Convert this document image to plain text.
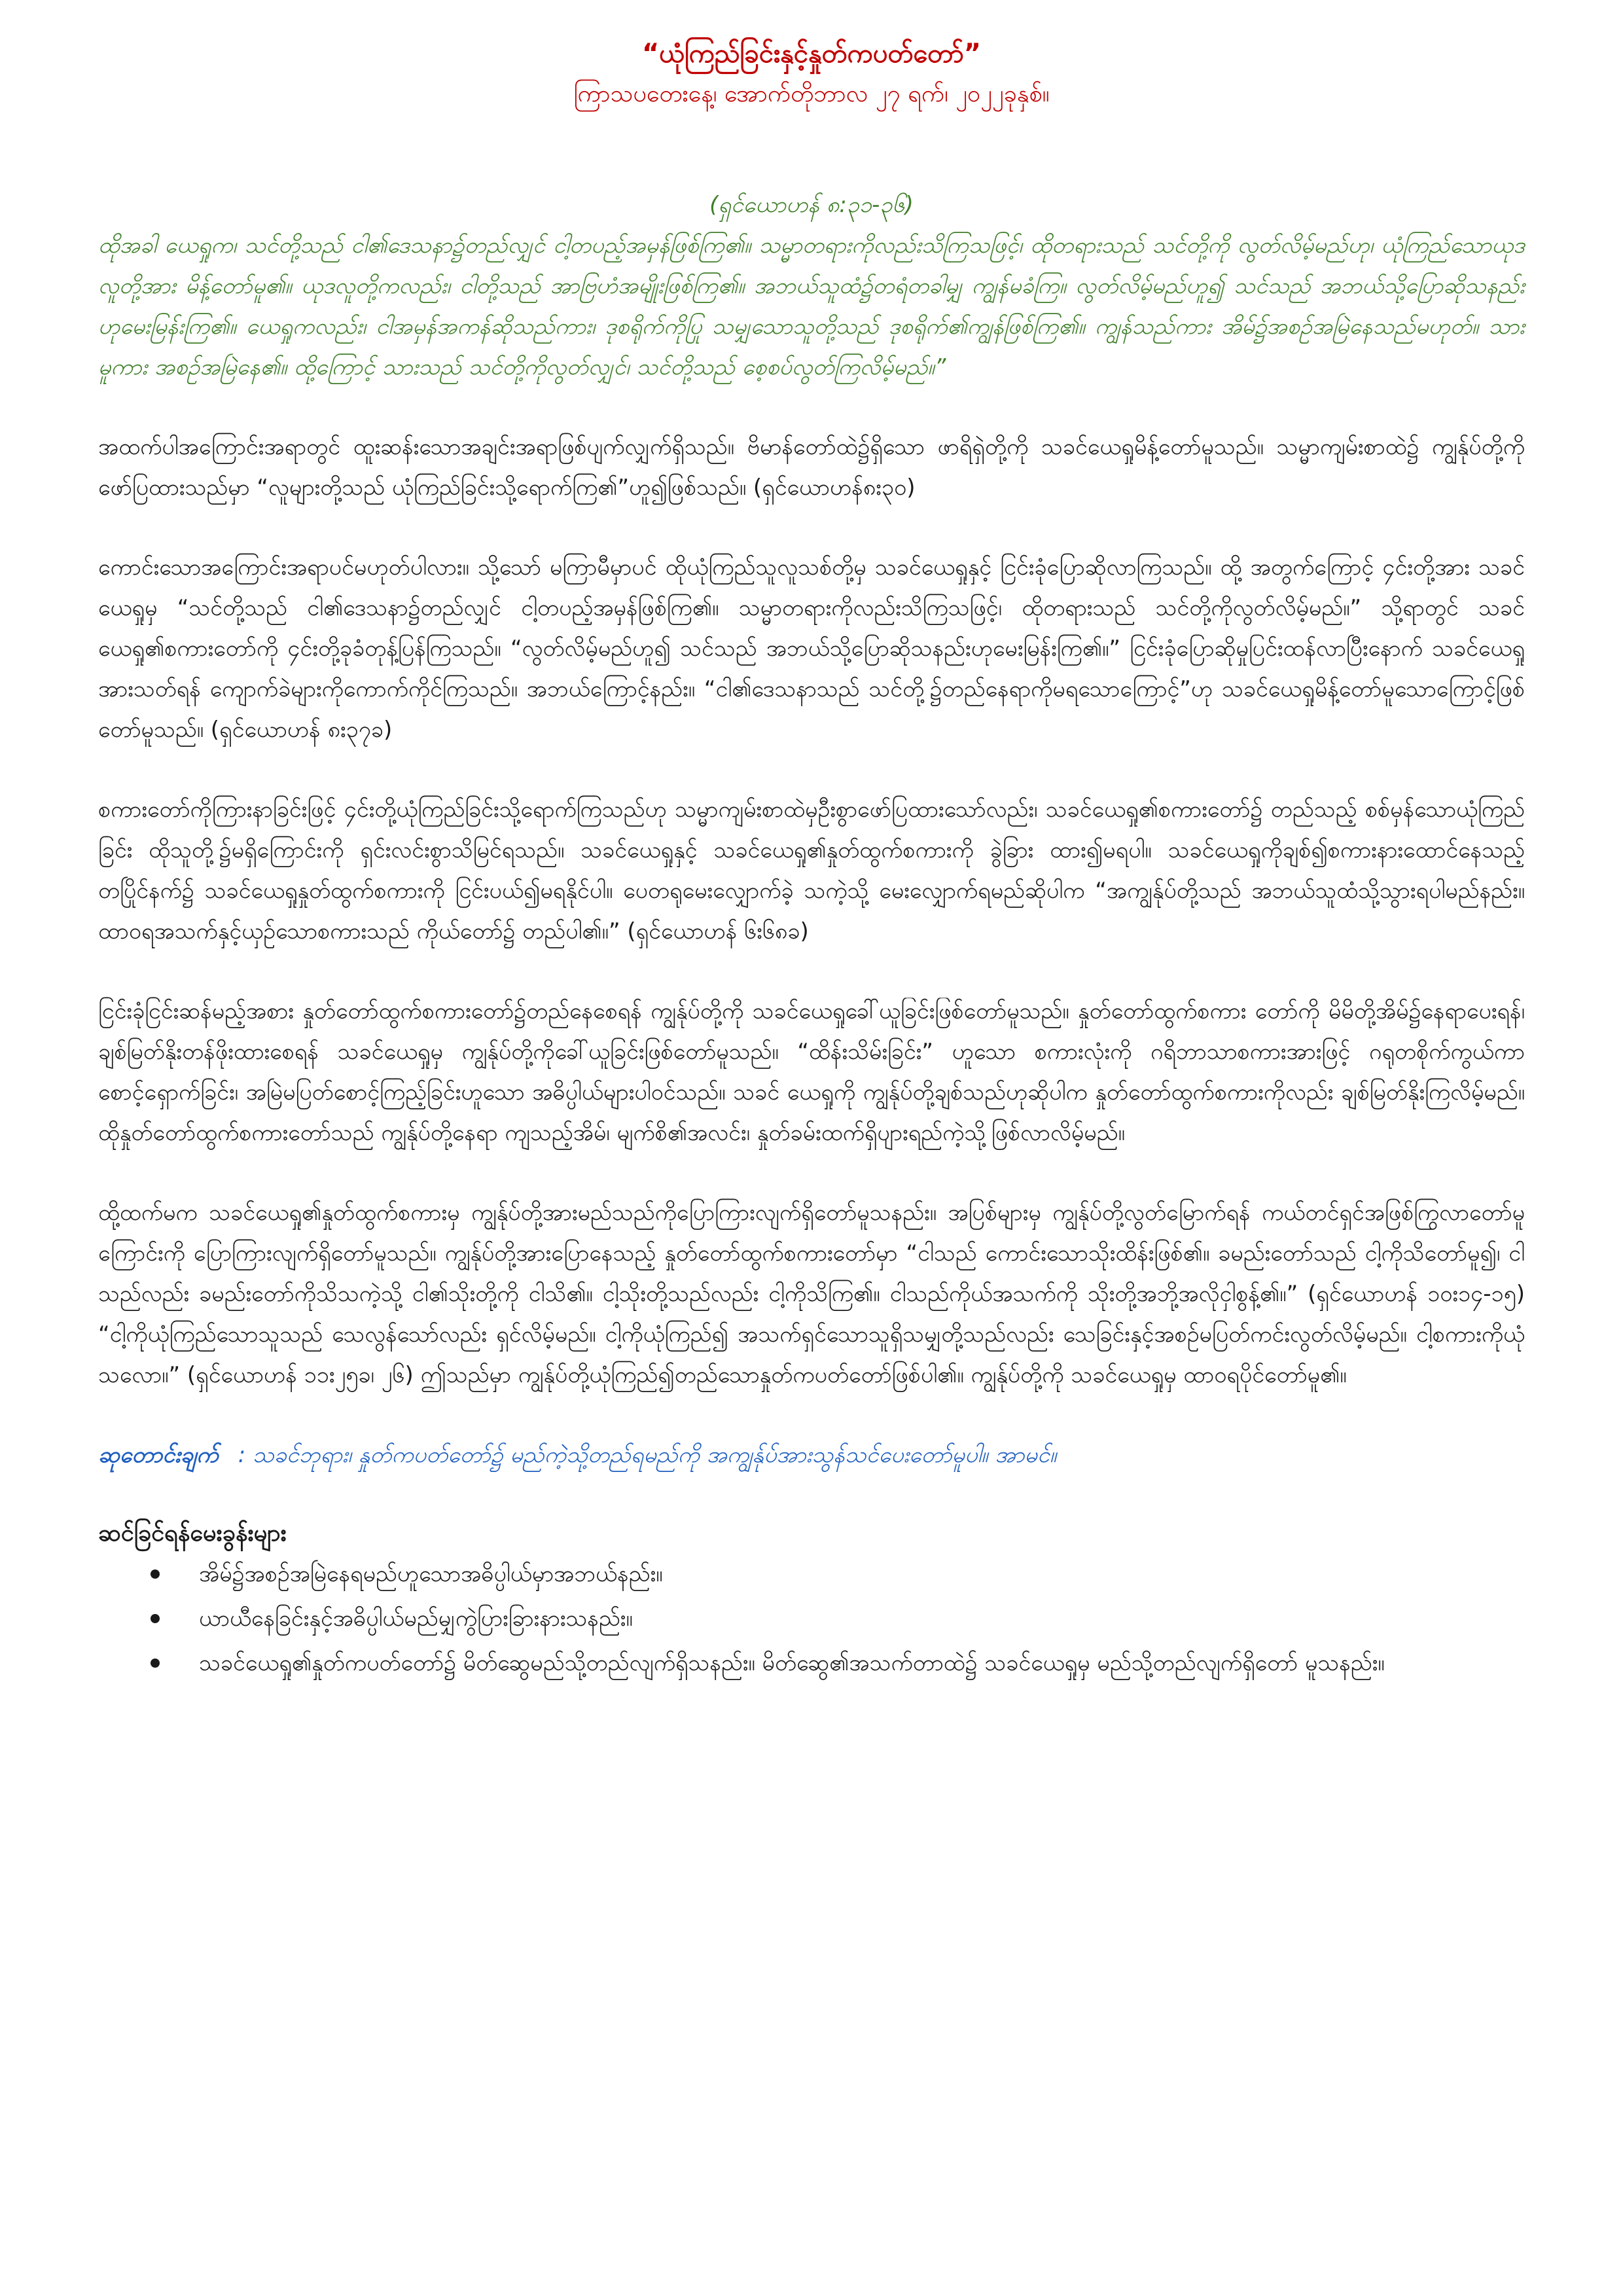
“ယုံကြည်ခြင်းနှင့်နှုတ်ကပတ်တော်”

ကြာသပတေးနေ့၊ အောက်တိုဘာလ ၂၇ ရက်၊ ၂၀၂၂ခုနှစ်။

(ရှင်ယောဟန် ၈:၃၁-၃၆)

ထိုအခါ ယေရှုက၊ သင်တို့သည် ငါ၏ဒေသနာ၌တည်လျှင် ငါ့တပည့်အမှန်ဖြစ်ကြ၏။ သမ္မာတရားကိုလည်းသိကြသဖြင့်၊ ထိုတရားသည် သင်တို့ကို လွတ်လိမ့်မည်ဟု၊ ယုံကြည်သောယုဒလူတို့အား မိန့်တော်မူ၏။ ယုဒလူတို့ကလည်း၊ ငါတို့သည် အာဗြဟံအမျိုးဖြစ်ကြ၏။ အဘယ်သူထံ၌တရံတခါမျှ ကျွန်မခံကြ။ လွတ်လိမ့်မည်ဟူ၍ သင်သည် အဘယ်သို့ပြောဆိုသနည်းဟုမေးမြန်းကြ၏။ ယေရှုကလည်း၊ ငါအမှန်အကန်ဆိုသည်ကား၊ ဒုစရိုက်ကိုပြု သမျှသောသူတို့သည် ဒုစရိုက်၏ကျွန်ဖြစ်ကြ၏။ ကျွန်သည်ကား အိမ်၌အစဉ်အမြဲနေသည်မဟုတ်။ သားမူကား အစဉ်အမြဲနေ၏။ ထို့ကြောင့် သားသည် သင်တို့ကိုလွတ်လျှင်၊ သင်တို့သည် စေ့စပ်လွတ်ကြလိမ့်မည်။”

အထက်ပါအကြောင်းအရာတွင် ထူးဆန်းသောအချင်းအရာဖြစ်ပျက်လျှက်ရှိသည်။ ဗိမာန်တော်ထဲ၌ရှိသော ဖာရိရှဲတို့ကို သခင်ယေရှုမိန့်တော်မူသည်။ သမ္မာကျမ်းစာထဲ၌ ကျွန်ုပ်တို့ကိုဖော်ပြထားသည်မှာ “လူများတို့သည် ယုံကြည်ခြင်းသို့ရောက်ကြ၏”ဟူ၍ဖြစ်သည်။ (ရှင်ယောဟန်၈း၃၀)

ကောင်းသောအကြောင်းအရာပင်မဟုတ်ပါလား။ သို့သော် မကြာမီမှာပင် ထိုယုံကြည်သူလူသစ်တို့မှ သခင်ယေရှုနှင့် ငြင်းခုံပြောဆိုလာကြသည်။ ထို့ အတွက်ကြောင့် ၄င်းတို့အား သခင်ယေရှုမှ “သင်တို့သည် ငါ၏ဒေသနာ၌တည်လျှင် ငါ့တပည့်အမှန်ဖြစ်ကြ၏။ သမ္မာတရားကိုလည်းသိကြသဖြင့်၊ ထိုတရားသည် သင်တို့ကိုလွတ်လိမ့်မည်။” သို့ရာတွင် သခင်ယေရှု၏စကားတော်ကို ၄င်းတို့ခုခံတုန့်ပြန်ကြသည်။ “လွတ်လိမ့်မည်ဟူ၍ သင်သည် အဘယ်သို့ပြောဆိုသနည်းဟုမေးမြန်းကြ၏။” ငြင်းခုံပြောဆိုမှုပြင်းထန်လာပြီးနောက် သခင်ယေရှုအားသတ်ရန် ကျောက်ခဲများကိုကောက်ကိုင်ကြသည်။ အဘယ်ကြောင့်နည်း။ “ငါ၏ဒေသနာသည် သင်တို့၌တည်နေရာကိုမရသောကြောင့်”ဟု သခင်ယေရှုမိန့်တော်မူသောကြောင့်ဖြစ်တော်မူသည်။ (ရှင်ယောဟန် ၈း၃၇ခ)

စကားတော်ကိုကြားနာခြင်းဖြင့် ၄င်းတို့ယုံကြည်ခြင်းသို့ရောက်ကြသည်ဟု သမ္မာကျမ်းစာထဲမှဦးစွာဖော်ပြထားသော်လည်း၊ သခင်ယေရှု၏စကားတော်၌ တည်သည့် စစ်မှန်သောယုံကြည်ခြင်း ထိုသူတို့၌မရှိကြောင်းကို ရှင်းလင်းစွာသိမြင်ရသည်။ သခင်ယေရှုနှင့် သခင်ယေရှု၏နှုတ်ထွက်စကားကို ခွဲခြား ထား၍မရပါ။ သခင်ယေရှုကိုချစ်၍စကားနားထောင်နေသည့်တပြိုင်နက်၌ သခင်ယေရှုနှုတ်ထွက်စကားကို ငြင်းပယ်၍မရနိုင်ပါ။ ပေတရုမေးလျှောက်ခဲ့ သကဲ့သို့ မေးလျှောက်ရမည်ဆိုပါက “အကျွန်ုပ်တို့သည် အဘယ်သူထံသို့သွားရပါမည်နည်း။ ထာဝရအသက်နှင့်ယှဉ်သောစကားသည် ကိုယ်တော်၌ တည်ပါ၏။” (ရှင်ယောဟန် ၆း၆၈ခ)

ငြင်းခုံငြင်းဆန်မည့်အစား နှုတ်တော်ထွက်စကားတော်၌တည်နေစေရန် ကျွန်ုပ်တို့ကို သခင်ယေရှုခေါ်ယူခြင်းဖြစ်တော်မူသည်။ နှုတ်တော်ထွက်စကား တော်ကို မိမိတို့အိမ်၌နေရာပေးရန်၊ ချစ်မြတ်နိုးတန်ဖိုးထားစေရန် သခင်ယေရှုမှ ကျွန်ုပ်တို့ကိုခေါ်ယူခြင်းဖြစ်တော်မူသည်။ “ထိန်းသိမ်းခြင်း” ဟူသော စကားလုံးကို ဂရိဘာသာစကားအားဖြင့် ဂရုတစိုက်ကွယ်ကာစောင့်ရှောက်ခြင်း၊ အမြဲမပြတ်စောင့်ကြည့်ခြင်းဟူသော အဓိပ္ပါယ်များပါဝင်သည်။ သခင် ယေရှုကို ကျွန်ုပ်တို့ချစ်သည်ဟုဆိုပါက နှုတ်တော်ထွက်စကားကိုလည်း ချစ်မြတ်နိုးကြလိမ့်မည်။ ထိုနှုတ်တော်ထွက်စကားတော်သည် ကျွန်ုပ်တို့နေရာ ကျသည့်အိမ်၊ မျက်စိ၏အလင်း၊ နှုတ်ခမ်းထက်ရှိပျားရည်ကဲ့သို့ဖြစ်လာလိမ့်မည်။

ထို့ထက်မက သခင်ယေရှု၏နှုတ်ထွက်စကားမှ ကျွန်ုပ်တို့အားမည်သည်ကိုပြောကြားလျက်ရှိတော်မူသနည်း။ အပြစ်များမှ ကျွန်ုပ်တို့လွတ်မြောက်ရန် ကယ်တင်ရှင်အဖြစ်ကြွလာတော်မူကြောင်းကို ပြောကြားလျက်ရှိတော်မူသည်။ ကျွန်ုပ်တို့အားပြောနေသည့် နှုတ်တော်ထွက်စကားတော်မှာ “ငါသည် ကောင်းသောသိုးထိန်းဖြစ်၏။ ခမည်းတော်သည် ငါ့ကိုသိတော်မူ၍၊ ငါသည်လည်း ခမည်းတော်ကိုသိသကဲ့သို့ ငါ၏သိုးတို့ကို ငါသိ၏။ ငါ့သိုးတို့သည်လည်း ငါ့ကိုသိကြ၏။ ငါသည်ကိုယ်အသက်ကို သိုးတို့အဘို့အလိုငှါစွန့်၏။” (ရှင်ယောဟန် ၁၀း၁၄-၁၅) “ငါ့ကိုယုံကြည်သောသူသည် သေလွန်သော်လည်း ရှင်လိမ့်မည်။ ငါ့ကိုယုံကြည်၍ အသက်ရှင်သောသူရှိသမျှတို့သည်လည်း သေခြင်းနှင့်အစဉ်မပြတ်ကင်းလွတ်လိမ့်မည်။ ငါ့စကားကိုယုံသလော။” (ရှင်ယောဟန် ၁၁း၂၅ခ၊ ၂၆) ဤသည်မှာ ကျွန်ုပ်တို့ယုံကြည်၍တည်သောနှုတ်ကပတ်တော်ဖြစ်ပါ၏။ ကျွန်ုပ်တို့ကို သခင်ယေရှုမှ ထာဝရပိုင်တော်မူ၏။

ဆုတောင်းချက် : သခင်ဘုရား၊ နှုတ်ကပတ်တော်၌ မည်ကဲ့သို့တည်ရမည်ကို အကျွန်ုပ်အားသွန်သင်ပေးတော်မူပါ။ အာမင်။

ဆင်ခြင်ရန်မေးခွန်းများ

အိမ်၌အစဉ်အမြဲနေရမည်ဟူသောအဓိပ္ပါယ်မှာအဘယ်နည်း။
ယာယီနေခြင်းနှင့်အဓိပ္ပါယ်မည်မျှကွဲပြားခြားနားသနည်း။
သခင်ယေရှု၏နှုတ်ကပတ်တော်၌ မိတ်ဆွေမည်သို့တည်လျက်ရှိသနည်း။ မိတ်ဆွေ၏အသက်တာထဲ၌ သခင်ယေရှုမှ မည်သို့တည်လျက်ရှိတော် မူသနည်း။
